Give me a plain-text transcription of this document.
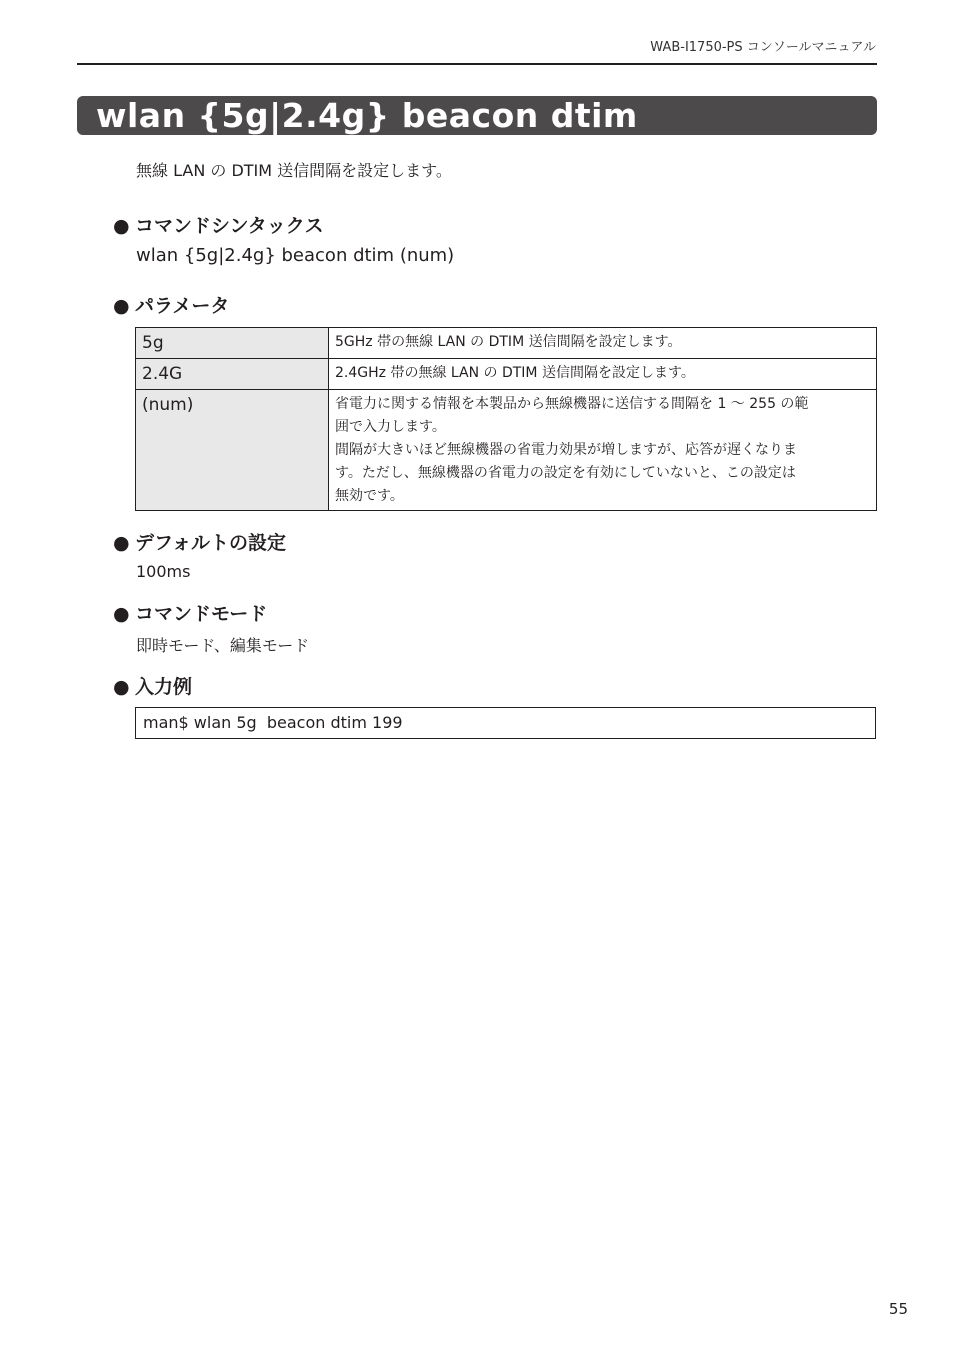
WAB-I1750-PS コンソールマニュアル
wlan {5g|2.4g} beacon dtim
無線 LAN の DTIM 送信間隔を設定します。
● コマンドシンタックス
wlan {5g|2.4g} beacon dtim (num)
● パラメータ
5g	5GHz 帯の無線 LAN の DTIM 送信間隔を設定します。

2.4G	2.4GHz 帯の無線 LAN の DTIM 送信間隔を設定します。

(num)	省電力に関する情報を本製品から無線機器に送信する間隔を 1 ～ 255 の範
囲で入力します。
間隔が大きいほど無線機器の省電力効果が増しますが、応答が遅くなりま
す。ただし、無線機器の省電力の設定を有効にしていないと、この設定は
無効です。
● デフォルトの設定
100ms
● コマンドモード
即時モード、編集モード
● 入力例
man$ wlan 5g  beacon dtim 199
55
